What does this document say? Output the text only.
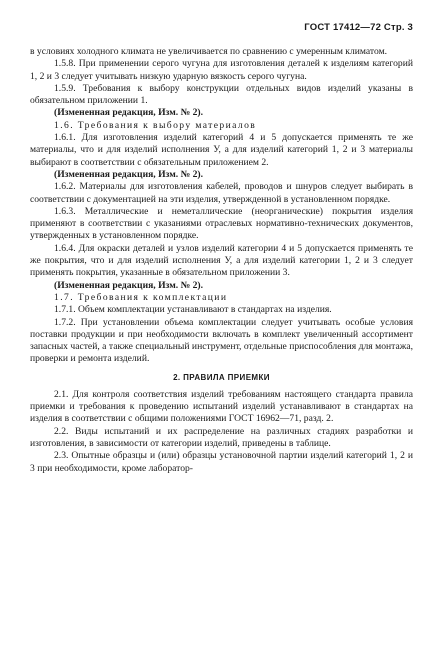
ГОСТ 17412—72 Стр. 3

в условиях холодного климата не увеличивается по сравнению с умеренным климатом.

1.5.8. При применении серого чугуна для изготовления деталей к изделиям категорий 1, 2 и 3 следует учитывать низкую ударную вязкость серого чугуна.

1.5.9. Требования к выбору конструкции отдельных видов изделий указаны в обязательном приложении 1.

(Измененная редакция, Изм. № 2).

1.6. Требования к выбору материалов

1.6.1. Для изготовления изделий категорий 4 и 5 допускается применять те же материалы, что и для изделий исполнения У, а для изделий категорий 1, 2 и 3 материалы выбирают в соответствии с обязательным приложением 2.

(Измененная редакция, Изм. № 2).

1.6.2. Материалы для изготовления кабелей, проводов и шнуров следует выбирать в соответствии с документацией на эти изделия, утвержденной в установленном порядке.

1.6.3. Металлические и неметаллические (неорганические) покрытия изделия применяют в соответствии с указаниями отраслевых нормативно-технических документов, утвержденных в установленном порядке.

1.6.4. Для окраски деталей и узлов изделий категории 4 и 5 допускается применять те же покрытия, что и для изделий исполнения У, а для изделий категории 1, 2 и 3 следует применять покрытия, указанные в обязательном приложении 3.

(Измененная редакция, Изм. № 2).

1.7. Требования к комплектации

1.7.1. Объем комплектации устанавливают в стандартах на изделия.

1.7.2. При установлении объема комплектации следует учитывать особые условия поставки продукции и при необходимости включать в комплект увеличенный ассортимент запасных частей, а также специальный инструмент, отдельные приспособления для монтажа, проверки и ремонта изделий.

2. ПРАВИЛА ПРИЕМКИ

2.1. Для контроля соответствия изделий требованиям настоящего стандарта правила приемки и требования к проведению испытаний изделий устанавливают в стандартах на изделия в соответствии с общими положениями ГОСТ 16962—71, разд. 2.

2.2. Виды испытаний и их распределение на различных стадиях разработки и изготовления, в зависимости от категории изделий, приведены в таблице.

2.3. Опытные образцы и (или) образцы установочной партии изделий категорий 1, 2 и 3 при необходимости, кроме лаборатор-
